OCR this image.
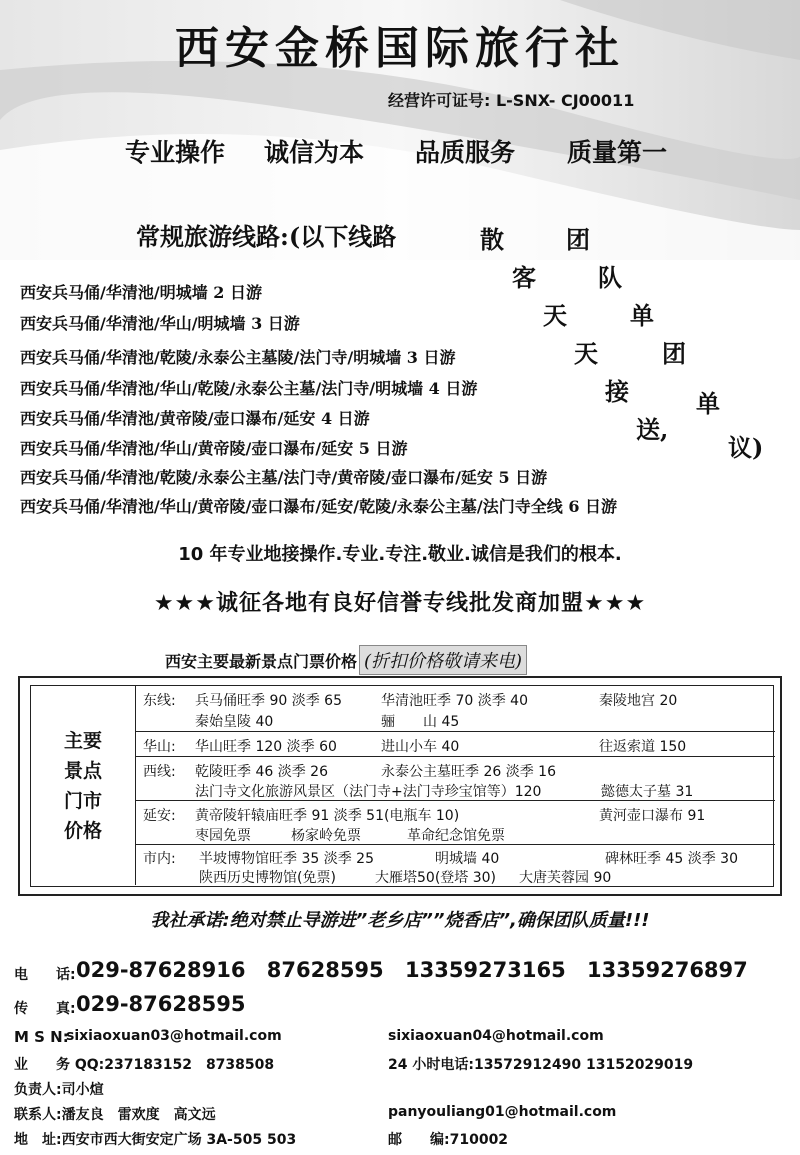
西安金桥国际旅行社
经营许可证号: L-SNX- CJ00011
专业操作 诚信为本 品质服务 质量第一
常规旅游线路:(以下线路	散
客
天
天
接
送,
团
队
单
团
单
议)
西安兵马俑/华清池/明城墙 2 日游
西安兵马俑/华清池/华山/明城墙 3 日游
西安兵马俑/华清池/乾陵/永泰公主墓陵/法门寺/明城墙 3 日游
西安兵马俑/华清池/华山/乾陵/永泰公主墓/法门寺/明城墙 4 日游
西安兵马俑/华清池/黄帝陵/壶口瀑布/延安 4 日游
西安兵马俑/华清池/华山/黄帝陵/壶口瀑布/延安 5 日游
西安兵马俑/华清池/乾陵/永泰公主墓/法门寺/黄帝陵/壶口瀑布/延安 5 日游
西安兵马俑/华清池/华山/黄帝陵/壶口瀑布/延安/乾陵/永泰公主墓/法门寺全线 6 日游
10 年专业地接操作.专业.专注.敬业.诚信是我们的根本.
★★★诚征各地有良好信誉专线批发商加盟★★★
西安主要最新景点门票价格 (折扣价格敬请来电)
主要
景点
门市
价格
东线: 兵马俑旺季 90 淡季 65	华清池旺季 70 淡季 40	秦陵地宫 20
秦始皇陵 40	骊　　山 45
华山: 华山旺季 120 淡季 60	进山小车 40	往返索道 150
西线: 乾陵旺季 46 淡季 26	永泰公主墓旺季 26 淡季 16
法门寺文化旅游风景区（法门寺+法门寺珍宝馆等）120	懿德太子墓 31
延安: 黄帝陵轩辕庙旺季 91 淡季 51(电瓶车 10)	黄河壶口瀑布 91
枣园免票	杨家岭免票	革命纪念馆免票
市内: 半坡博物馆旺季 35 淡季 25	明城墙 40	碑林旺季 45 淡季 30
陕西历史博物馆(免票)	大雁塔50(登塔 30) 大唐芙蓉园 90
我社承诺:绝对禁止导游进”老乡店””烧香店”,确保团队质量!!!
电　　话: 029-87628916 87628595 13359273165 13359276897
传　　真: 029-87628595
M S N:
sixiaoxuan03@hotmail.com	sixiaoxuan04@hotmail.com
业　　务 QQ:237183152　8738508	24 小时电话:13572912490 13152029019
负责人:司小煊
联系人:潘友良　雷欢度　高文远	panyouliang01@hotmail.com
地　址:西安市西大街安定广场 3A-505 503	邮　　编:710002
